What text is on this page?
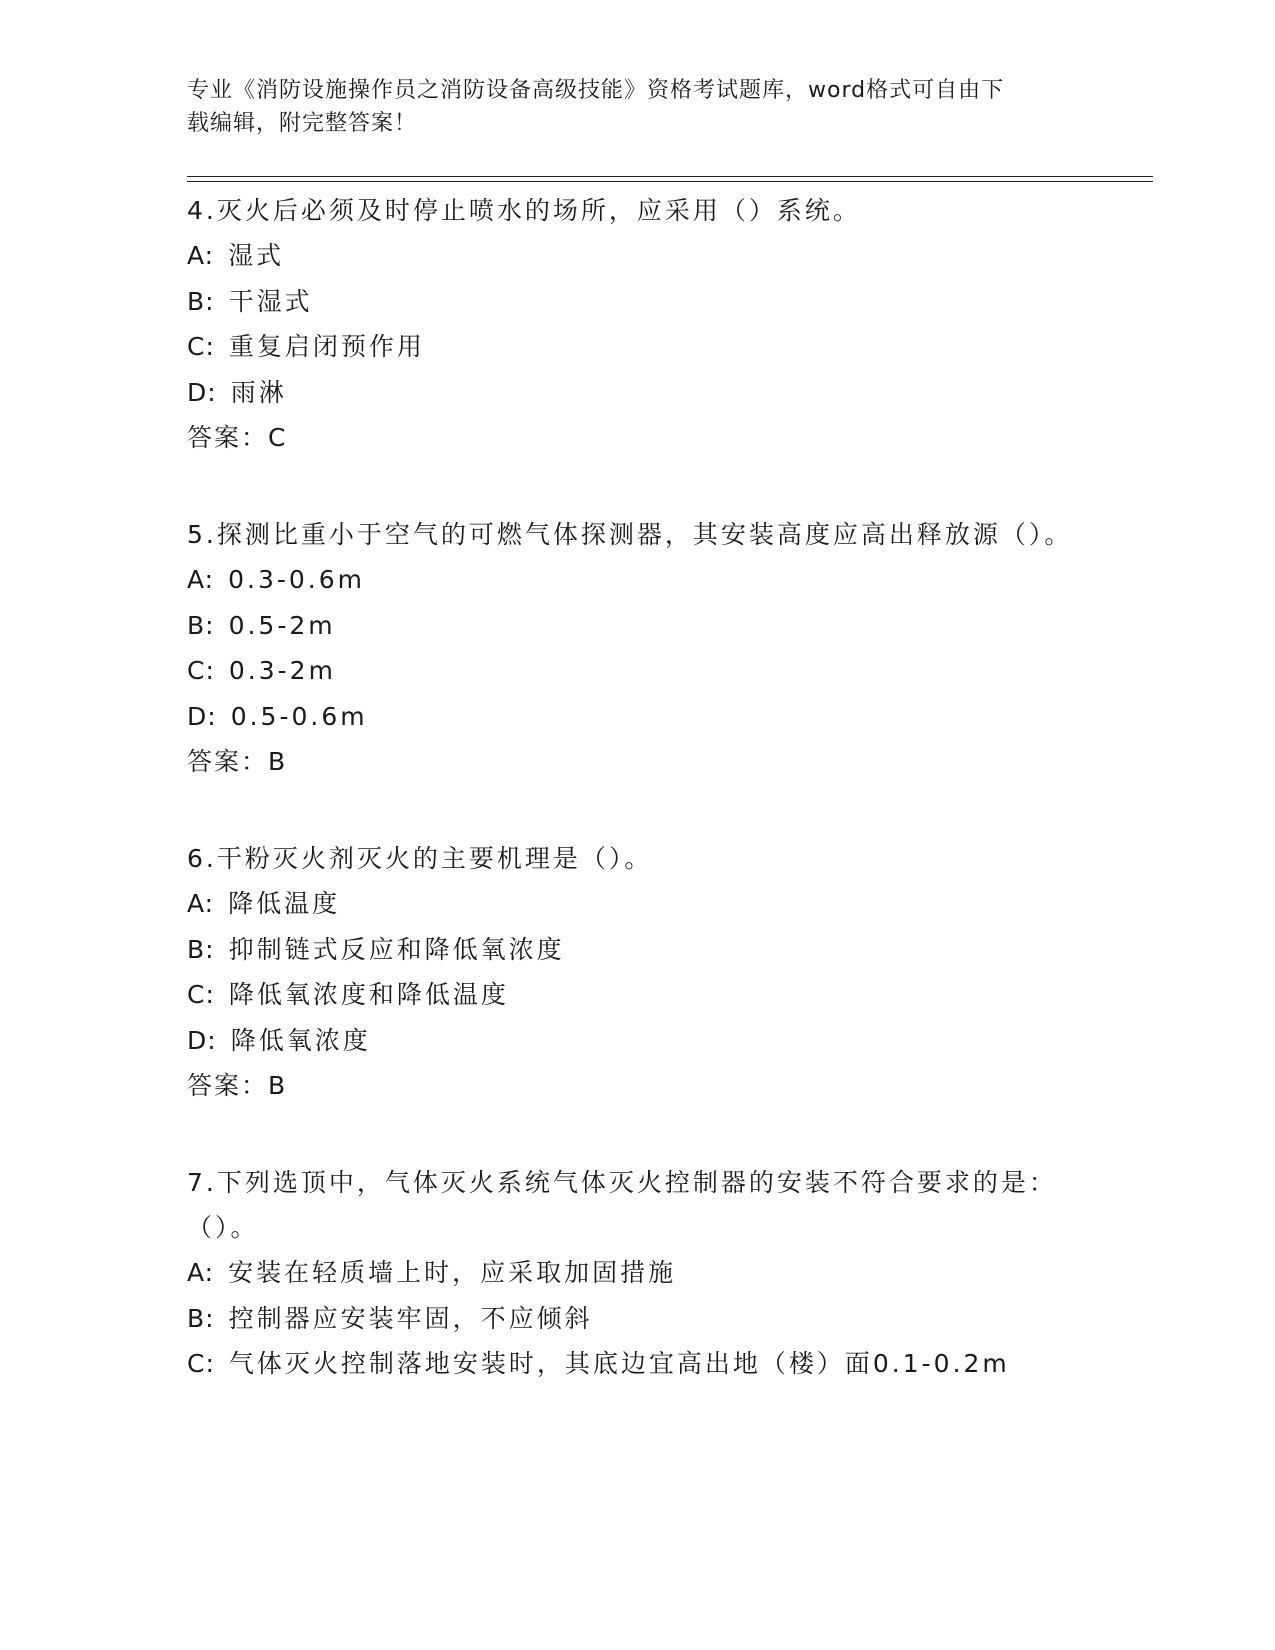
专业《消防设施操作员之消防设备高级技能》资格考试题库，word格式可自由下
载编辑，附完整答案！
4.灭火后必须及时停止喷水的场所，应采用（）系统。
A: 湿式
B: 干湿式
C: 重复启闭预作用
D: 雨淋
答案：C
5.探测比重小于空气的可燃气体探测器，其安装高度应高出释放源（）。
A: 0.3-0.6m
B: 0.5-2m
C: 0.3-2m
D: 0.5-0.6m
答案：B
6.干粉灭火剂灭火的主要机理是（）。
A: 降低温度
B: 抑制链式反应和降低氧浓度
C: 降低氧浓度和降低温度
D: 降低氧浓度
答案：B
7.下列选顶中，气体灭火系统气体灭火控制器的安装不符合要求的是：（）。
A: 安装在轻质墙上时，应采取加固措施
B: 控制器应安装牢固，不应倾斜
C: 气体灭火控制落地安装时，其底边宜高出地（楼）面0.1-0.2m
